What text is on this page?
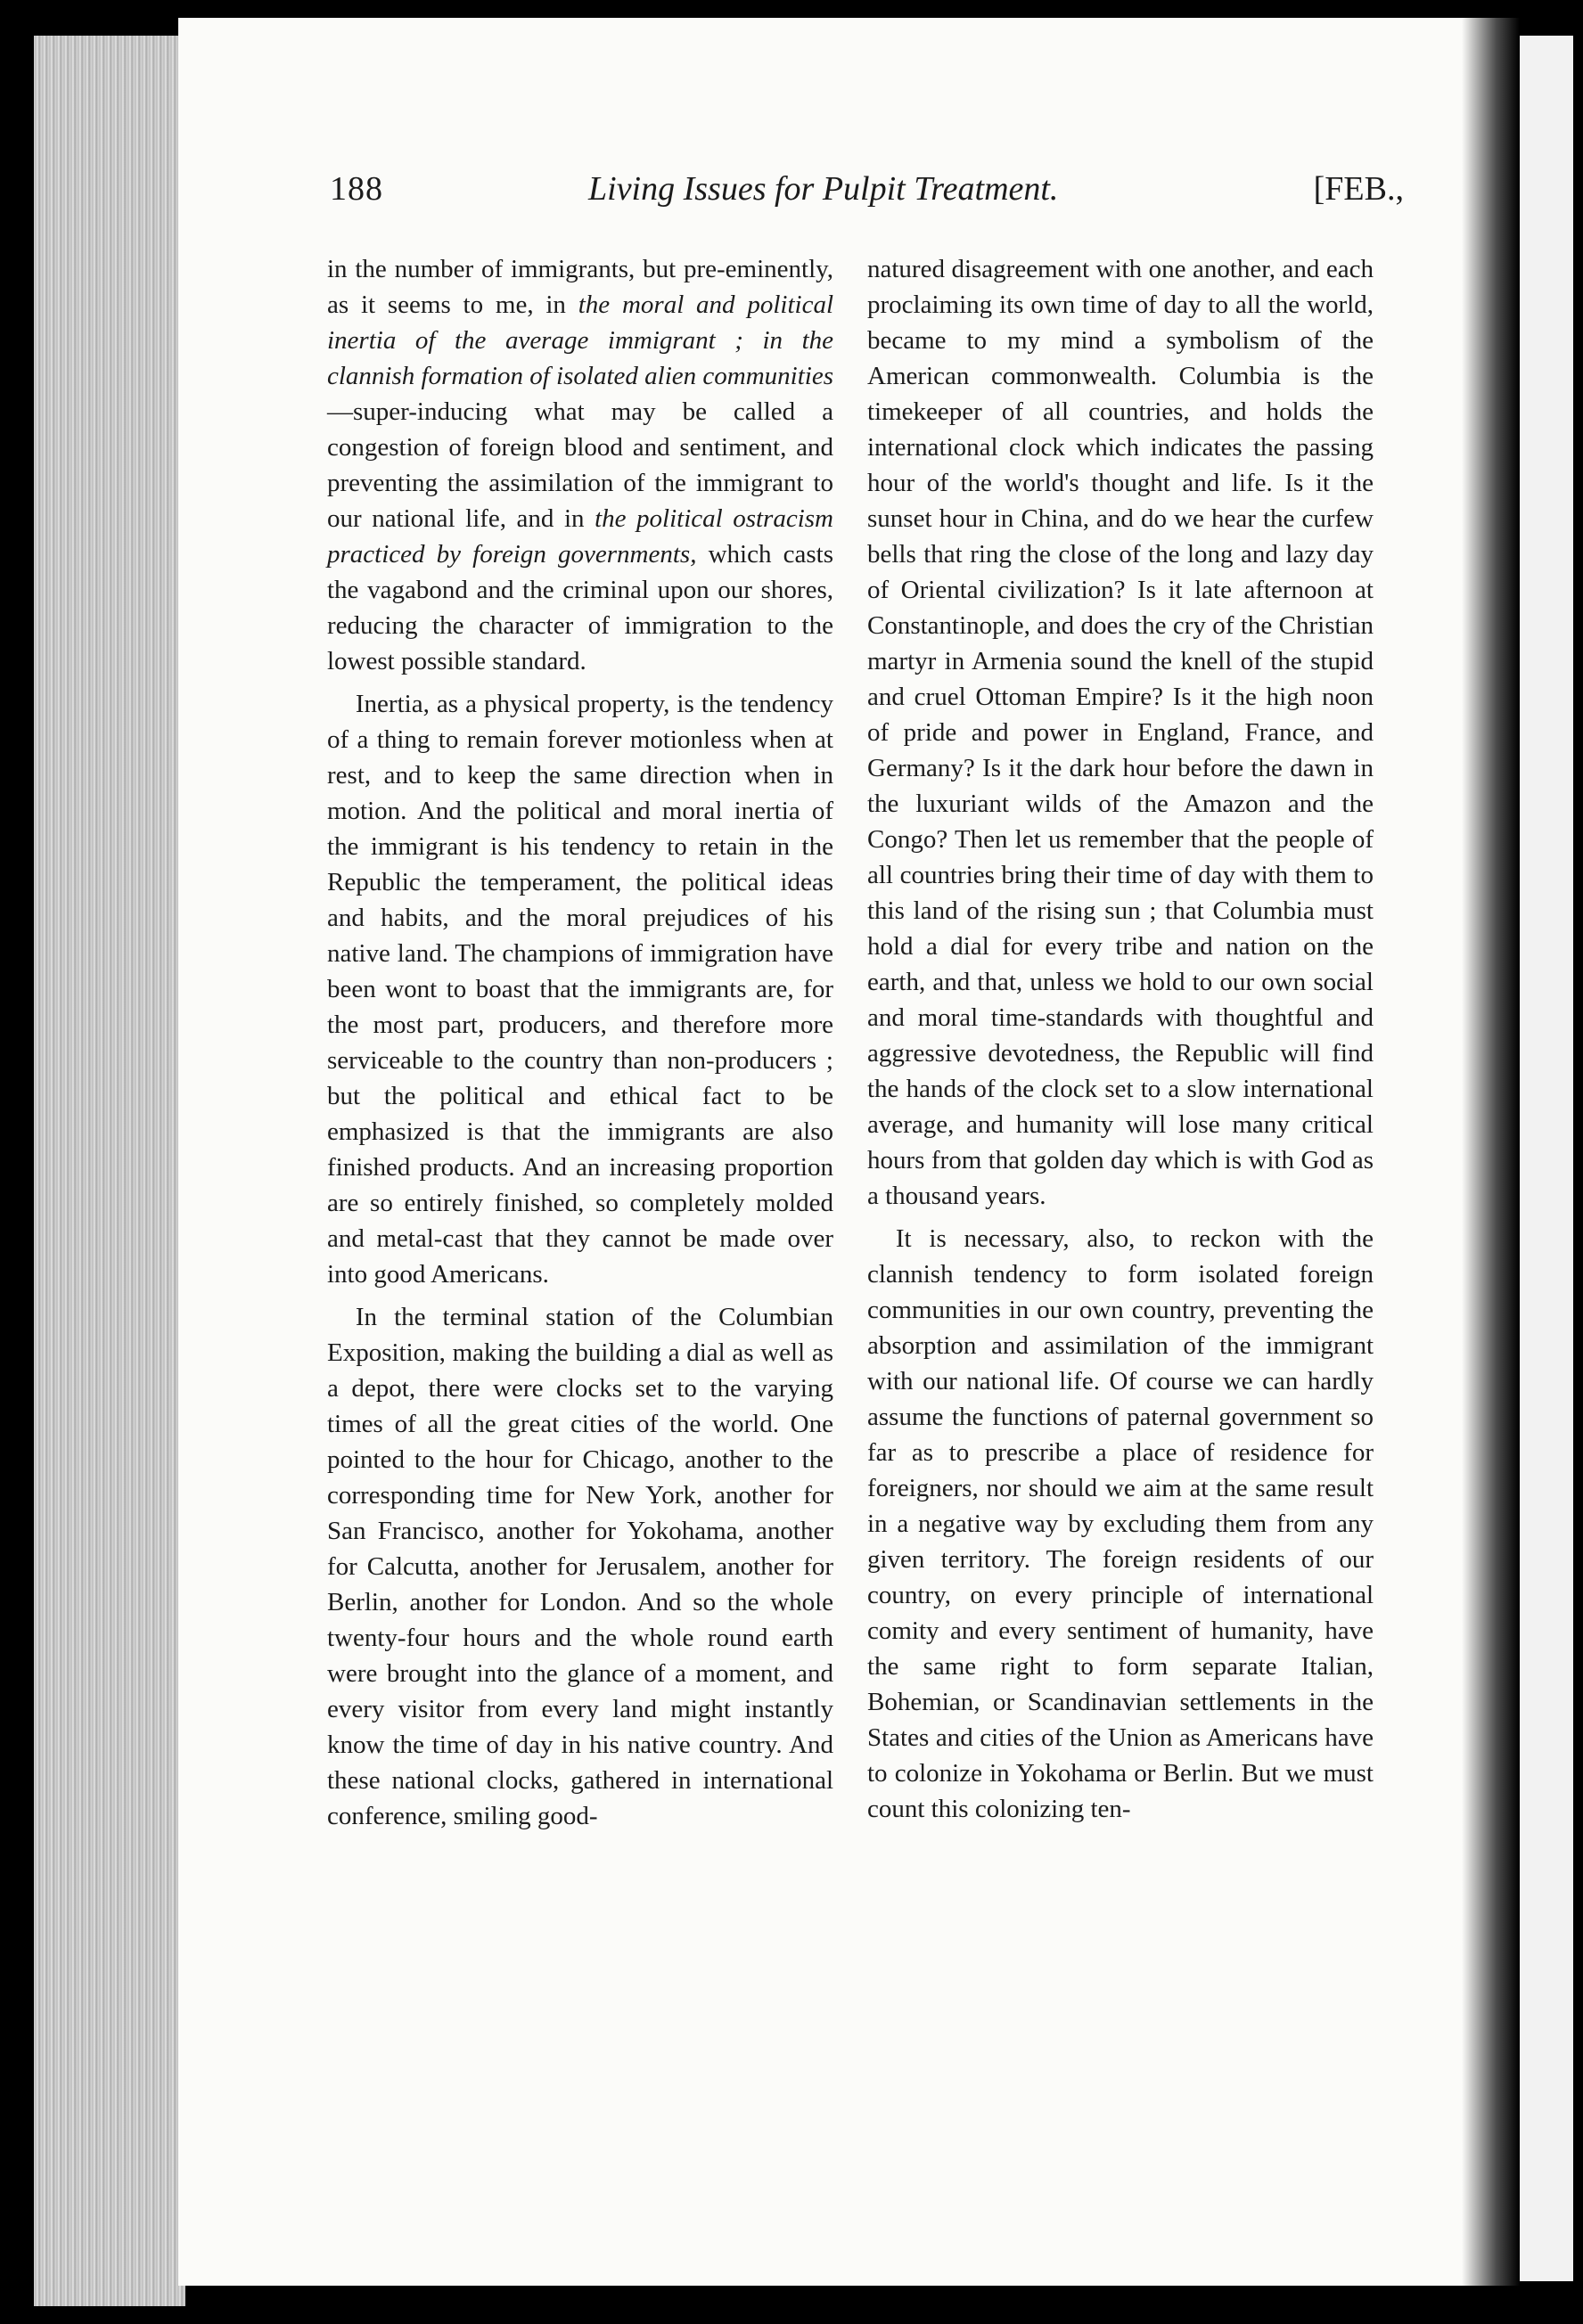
188	Living Issues for Pulpit Treatment.	[FEB.,

in the number of immigrants, but pre-eminently, as it seems to me, in the moral and political inertia of the average immigrant ; in the clannish formation of isolated alien communities—super-inducing what may be called a congestion of foreign blood and sentiment, and preventing the assimilation of the immigrant to our national life, and in the political ostracism practiced by foreign governments, which casts the vagabond and the criminal upon our shores, reducing the character of immigration to the lowest possible standard.

Inertia, as a physical property, is the tendency of a thing to remain forever motionless when at rest, and to keep the same direction when in motion. And the political and moral inertia of the immigrant is his tendency to retain in the Republic the temperament, the political ideas and habits, and the moral prejudices of his native land. The champions of immigration have been wont to boast that the immigrants are, for the most part, producers, and therefore more serviceable to the country than non-producers ; but the political and ethical fact to be emphasized is that the immigrants are also finished products. And an increasing proportion are so entirely finished, so completely molded and metal-cast that they cannot be made over into good Americans.

In the terminal station of the Columbian Exposition, making the building a dial as well as a depot, there were clocks set to the varying times of all the great cities of the world. One pointed to the hour for Chicago, another to the corresponding time for New York, another for San Francisco, another for Yokohama, another for Calcutta, another for Jerusalem, another for Berlin, another for London. And so the whole twenty-four hours and the whole round earth were brought into the glance of a moment, and every visitor from every land might instantly know the time of day in his native country. And these national clocks, gathered in international conference, smiling good-

natured disagreement with one another, and each proclaiming its own time of day to all the world, became to my mind a symbolism of the American commonwealth. Columbia is the timekeeper of all countries, and holds the international clock which indicates the passing hour of the world's thought and life. Is it the sunset hour in China, and do we hear the curfew bells that ring the close of the long and lazy day of Oriental civilization? Is it late afternoon at Constantinople, and does the cry of the Christian martyr in Armenia sound the knell of the stupid and cruel Ottoman Empire? Is it the high noon of pride and power in England, France, and Germany? Is it the dark hour before the dawn in the luxuriant wilds of the Amazon and the Congo? Then let us remember that the people of all countries bring their time of day with them to this land of the rising sun ; that Columbia must hold a dial for every tribe and nation on the earth, and that, unless we hold to our own social and moral time-standards with thoughtful and aggressive devotedness, the Republic will find the hands of the clock set to a slow international average, and humanity will lose many critical hours from that golden day which is with God as a thousand years.

It is necessary, also, to reckon with the clannish tendency to form isolated foreign communities in our own country, preventing the absorption and assimilation of the immigrant with our national life. Of course we can hardly assume the functions of paternal government so far as to prescribe a place of residence for foreigners, nor should we aim at the same result in a negative way by excluding them from any given territory. The foreign residents of our country, on every principle of international comity and every sentiment of humanity, have the same right to form separate Italian, Bohemian, or Scandinavian settlements in the States and cities of the Union as Americans have to colonize in Yokohama or Berlin. But we must count this colonizing ten-
